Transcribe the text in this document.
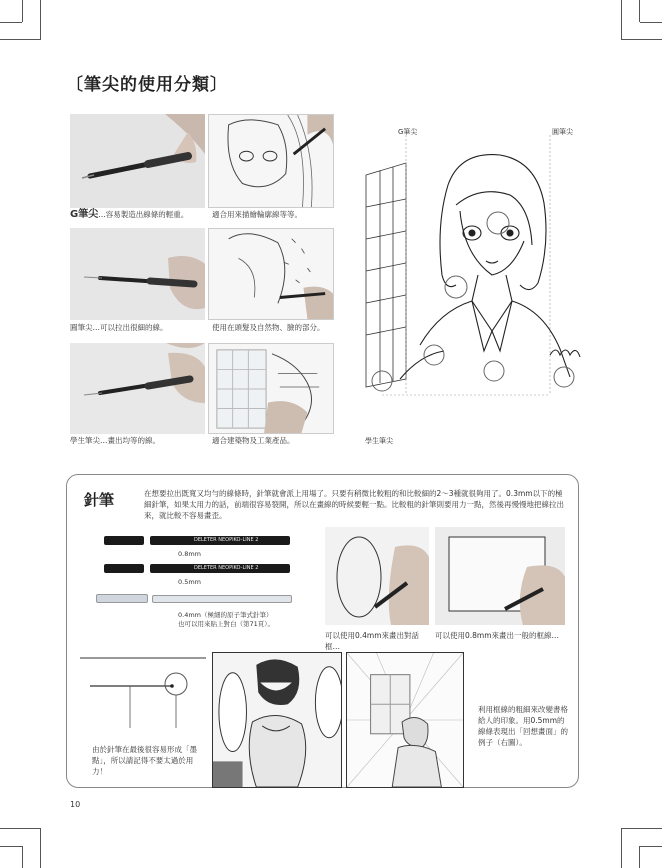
〔筆尖的使用分類〕
G筆尖…容易製造出線條的輕重。	適合用來描繪輪廓線等等。
圓筆尖…可以拉出很細的線。	使用在頭髮及自然物、臉的部分。
學生筆尖…畫出均等的線。	適合建築物及工業產品。
G筆尖	圓筆尖
學生筆尖
針筆	在想要拉出既寬又均勻的線條時，針筆就會派上用場了。只要有稍微比較粗的和比較細的2～3種就很夠用了。0.3mm以下的極細針筆，如果太用力的話，前端很容易裂開，所以在畫線的時候要輕一點。比較粗的針筆則要用力一點，然後再慢慢地把線拉出來，就比較不容易畫歪。
DELETER NEOPIKO-LINE 2
0.8mm
DELETER NEOPIKO-LINE 2
0.5mm
0.4mm（極細的原子筆式針筆）
也可以用來貼上對白（第71頁）。
可以使用0.4mm來畫出對話框…
可以使用0.8mm來畫出一般的框線…
由於針筆在最後很容易形成「墨點」，所以請記得不要太過於用力！
利用框線的粗細來改變書格給人的印象。用0.5mm的線條表現出「回想畫面」的例子（右圖）。
10
